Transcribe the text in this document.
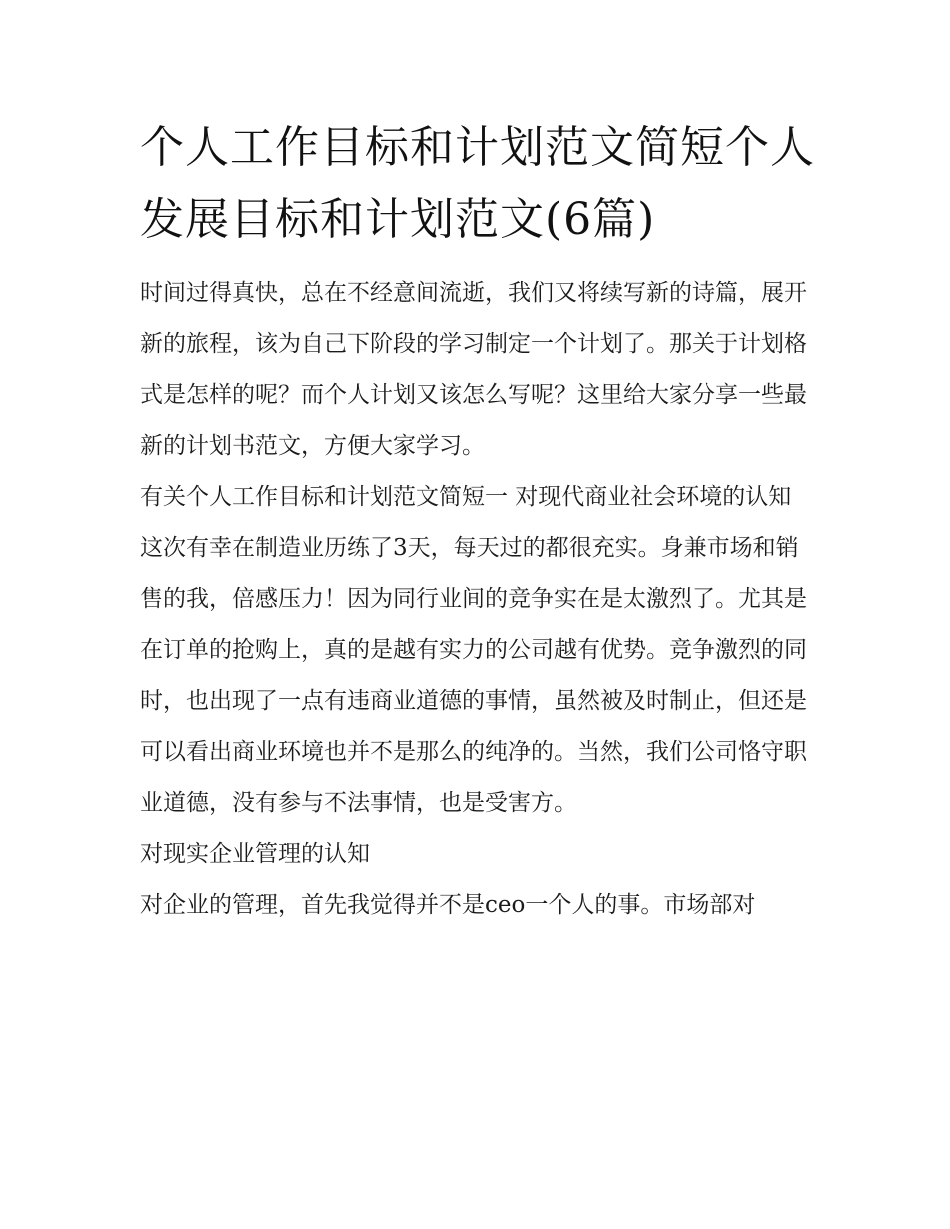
个人工作目标和计划范文简短个人发展目标和计划范文(6篇)

时间过得真快，总在不经意间流逝，我们又将续写新的诗篇，展开新的旅程，该为自己下阶段的学习制定一个计划了。那关于计划格式是怎样的呢？而个人计划又该怎么写呢？这里给大家分享一些最新的计划书范文，方便大家学习。

有关个人工作目标和计划范文简短一 对现代商业社会环境的认知

这次有幸在制造业历练了3天，每天过的都很充实。身兼市场和销售的我，倍感压力！因为同行业间的竞争实在是太激烈了。尤其是在订单的抢购上，真的是越有实力的公司越有优势。竞争激烈的同时，也出现了一点有违商业道德的事情，虽然被及时制止，但还是可以看出商业环境也并不是那么的纯净的。当然，我们公司恪守职业道德，没有参与不法事情，也是受害方。

对现实企业管理的认知

对企业的管理，首先我觉得并不是ceo一个人的事。市场部对
